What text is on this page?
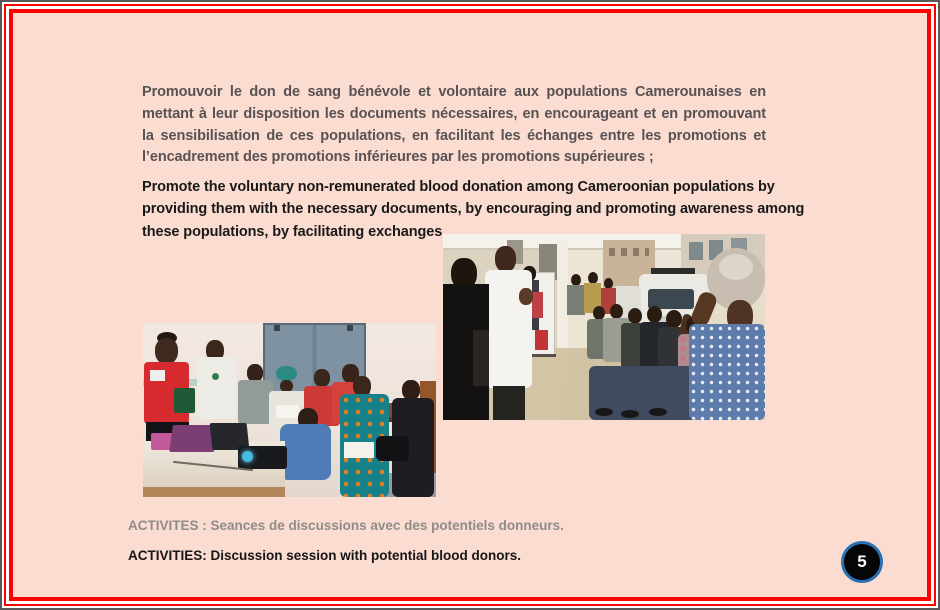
Promouvoir le don de sang bénévole et volontaire aux populations Camerounaises en
mettant à leur disposition les documents nécessaires, en encourageant et en promouvant
la sensibilisation de ces populations, en facilitant les échanges entre les promotions et
l’encadrement des promotions inférieures par les promotions supérieures ;
Promote the voluntary non-remunerated blood donation among Cameroonian populations by
providing them with the necessary documents, by encouraging and promoting awareness among
these populations, by facilitating exchanges
ACTIVITES : Seances de discussions avec des potentiels donneurs.
ACTIVITIES: Discussion session with potential blood donors.	5
